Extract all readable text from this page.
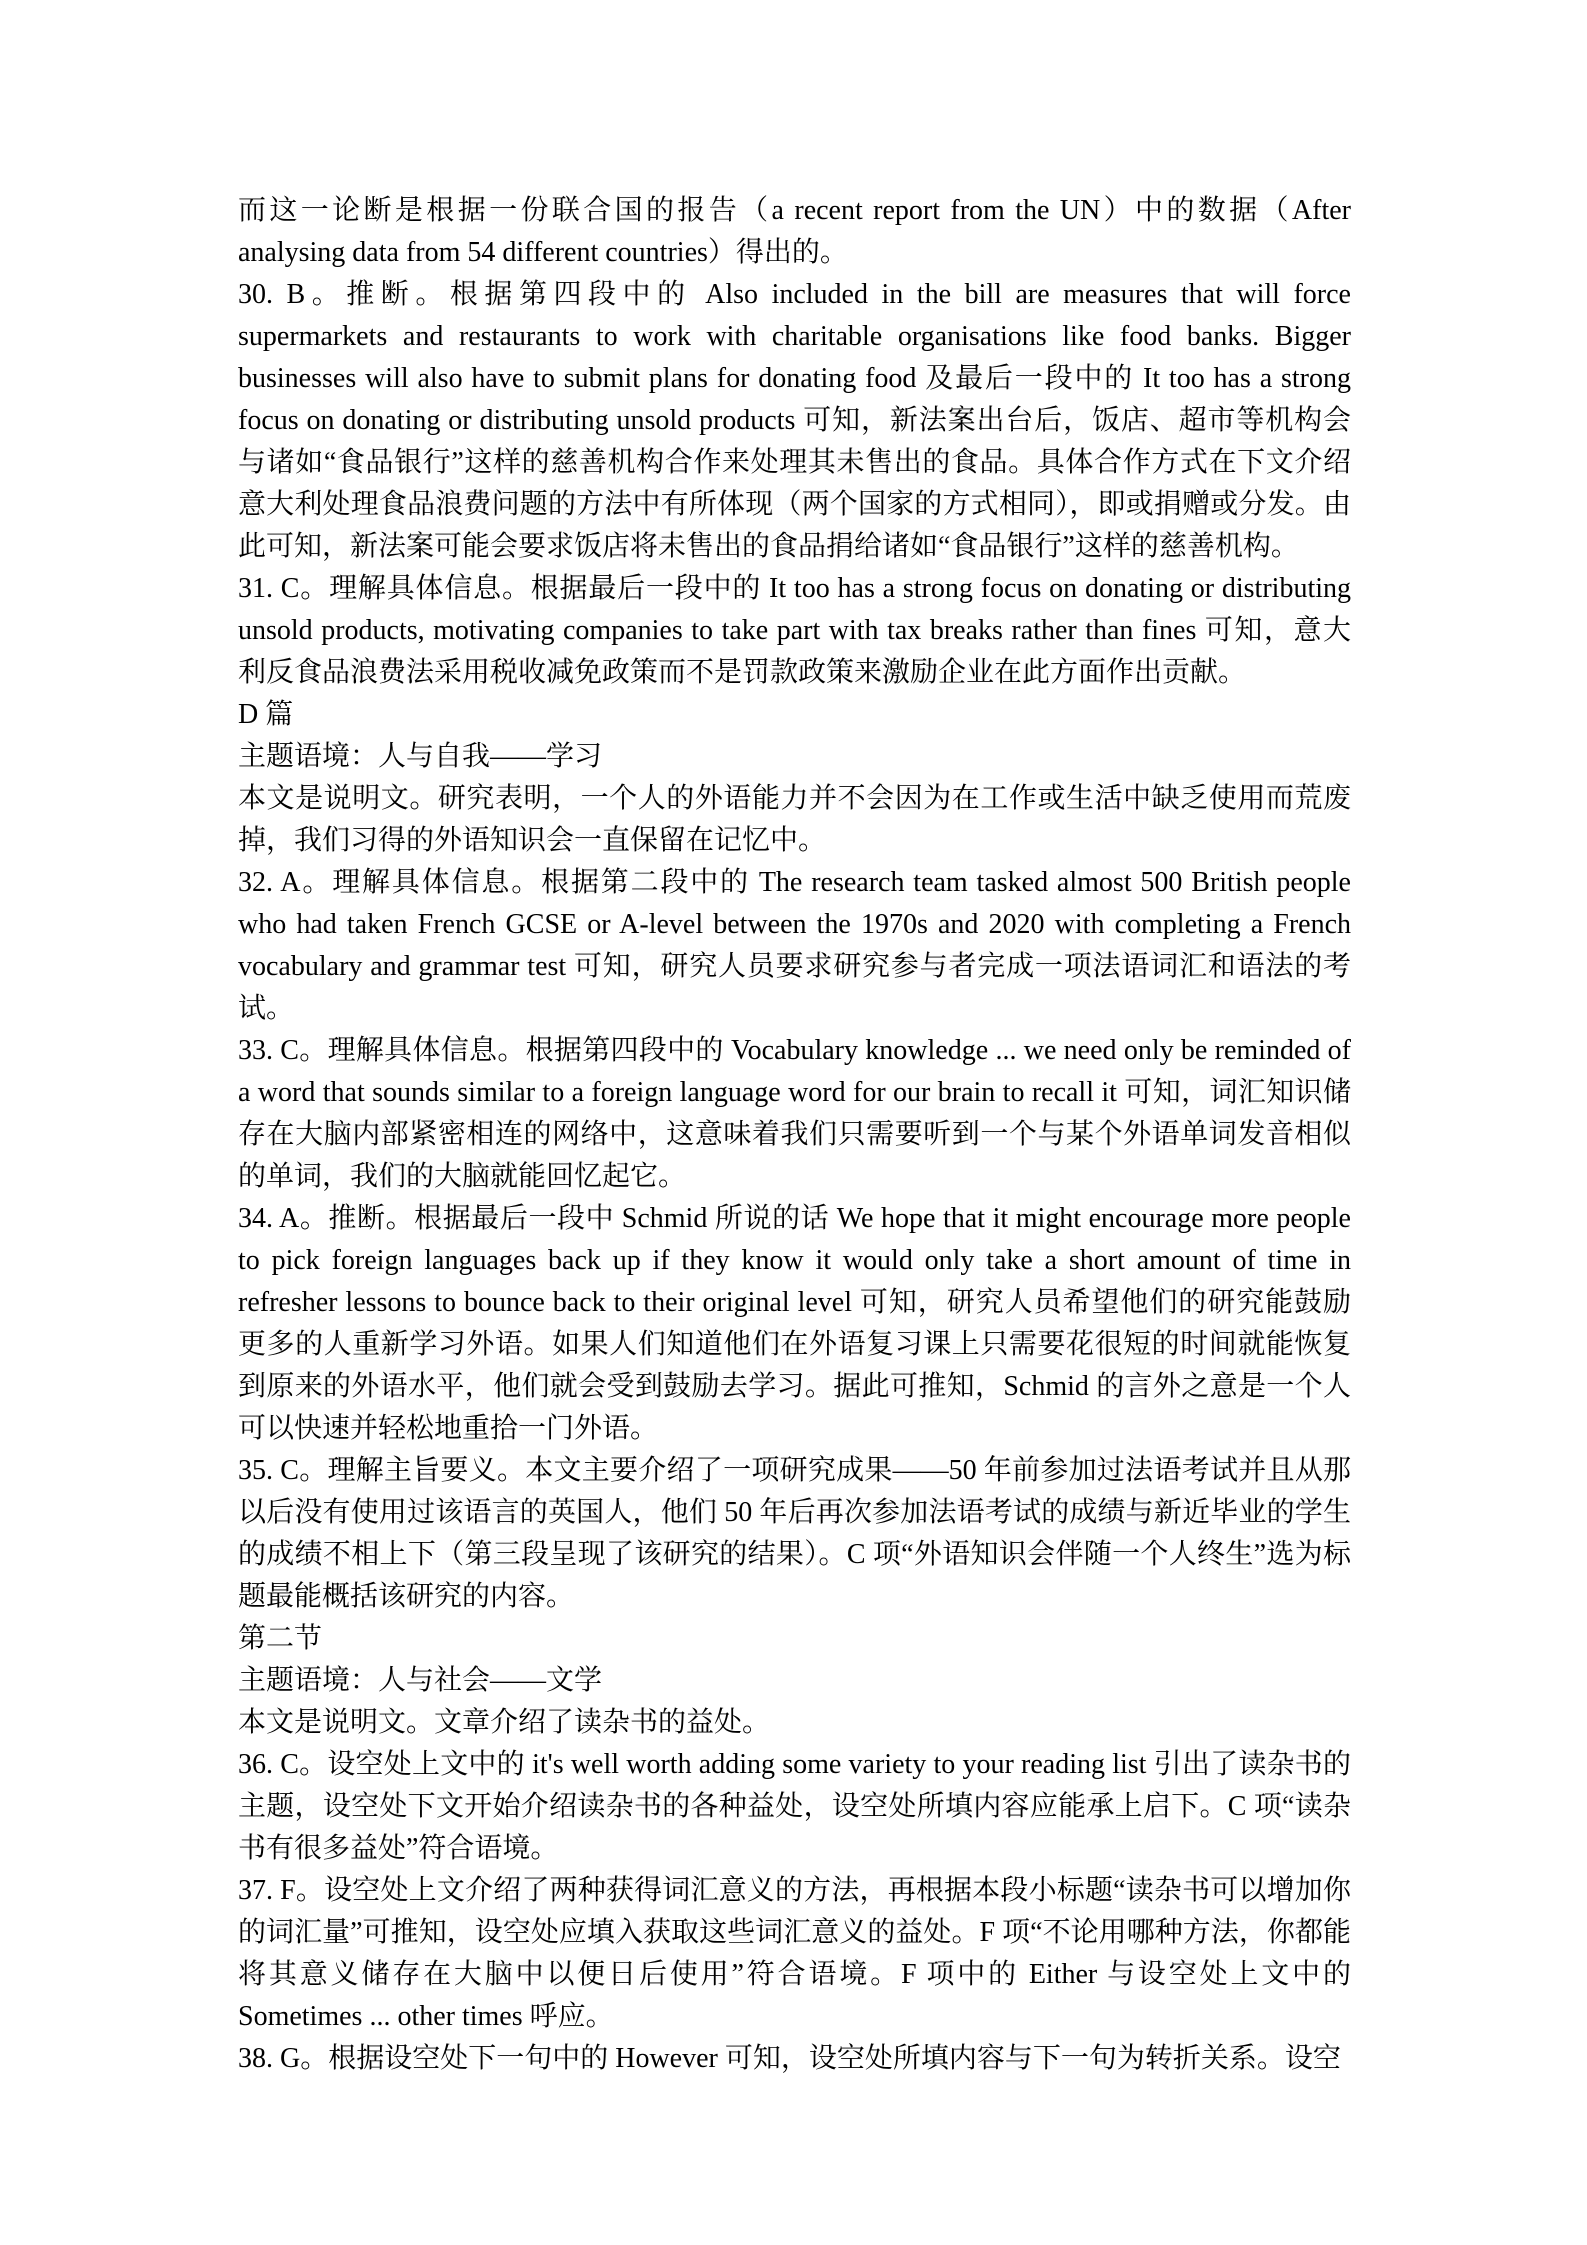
而这一论断是根据一份联合国的报告（a recent report from the UN）中的数据（After analysing data from 54 different countries）得出的。

30. B。推断。根据第四段中的 Also included in the bill are measures that will force supermarkets and restaurants to work with charitable organisations like food banks. Bigger businesses will also have to submit plans for donating food 及最后一段中的 It too has a strong focus on donating or distributing unsold products 可知，新法案出台后，饭店、超市等机构会与诸如“食品银行”这样的慈善机构合作来处理其未售出的食品。具体合作方式在下文介绍意大利处理食品浪费问题的方法中有所体现（两个国家的方式相同），即或捐赠或分发。由此可知，新法案可能会要求饭店将未售出的食品捐给诸如“食品银行”这样的慈善机构。

31. C。理解具体信息。根据最后一段中的 It too has a strong focus on donating or distributing unsold products, motivating companies to take part with tax breaks rather than fines 可知，意大利反食品浪费法采用税收减免政策而不是罚款政策来激励企业在此方面作出贡献。

D 篇

主题语境：人与自我——学习

本文是说明文。研究表明，一个人的外语能力并不会因为在工作或生活中缺乏使用而荒废掉，我们习得的外语知识会一直保留在记忆中。

32. A。理解具体信息。根据第二段中的 The research team tasked almost 500 British people who had taken French GCSE or A-level between the 1970s and 2020 with completing a French vocabulary and grammar test 可知，研究人员要求研究参与者完成一项法语词汇和语法的考试。

33. C。理解具体信息。根据第四段中的 Vocabulary knowledge ... we need only be reminded of a word that sounds similar to a foreign language word for our brain to recall it 可知，词汇知识储存在大脑内部紧密相连的网络中，这意味着我们只需要听到一个与某个外语单词发音相似的单词，我们的大脑就能回忆起它。

34. A。推断。根据最后一段中 Schmid 所说的话 We hope that it might encourage more people to pick foreign languages back up if they know it would only take a short amount of time in refresher lessons to bounce back to their original level 可知，研究人员希望他们的研究能鼓励更多的人重新学习外语。如果人们知道他们在外语复习课上只需要花很短的时间就能恢复到原来的外语水平，他们就会受到鼓励去学习。据此可推知，Schmid 的言外之意是一个人可以快速并轻松地重拾一门外语。

35. C。理解主旨要义。本文主要介绍了一项研究成果——50 年前参加过法语考试并且从那以后没有使用过该语言的英国人，他们 50 年后再次参加法语考试的成绩与新近毕业的学生的成绩不相上下（第三段呈现了该研究的结果）。C 项“外语知识会伴随一个人终生”选为标题最能概括该研究的内容。

第二节

主题语境：人与社会——文学

本文是说明文。文章介绍了读杂书的益处。

36. C。设空处上文中的 it's well worth adding some variety to your reading list 引出了读杂书的主题，设空处下文开始介绍读杂书的各种益处，设空处所填内容应能承上启下。C 项“读杂书有很多益处”符合语境。

37. F。设空处上文介绍了两种获得词汇意义的方法，再根据本段小标题“读杂书可以增加你的词汇量”可推知，设空处应填入获取这些词汇意义的益处。F 项“不论用哪种方法，你都能将其意义储存在大脑中以便日后使用”符合语境。F 项中的 Either 与设空处上文中的 Sometimes ... other times 呼应。

38. G。根据设空处下一句中的 However 可知，设空处所填内容与下一句为转折关系。设空
